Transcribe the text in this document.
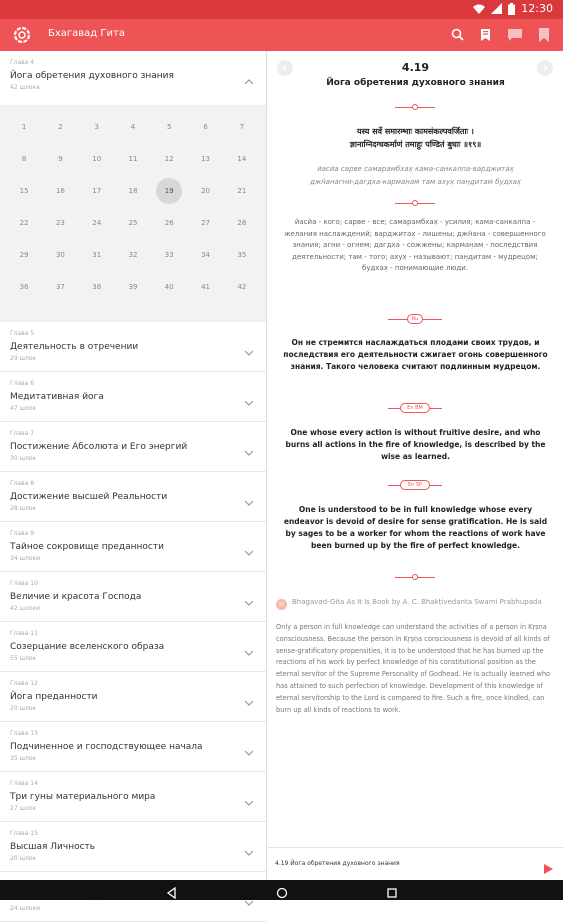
12:30
Бхагавад Гита
Глава 4
Йога обретения духовного знания
42 шлока
1	2	3	4	5	6	7
8	9	10	11	12	13	14
15	16	17	18	19	20	21
22	23	24	25	26	27	28
29	30	31	32	33	34	35
36	37	38	39	40	41	42
Глава 5
Деятельность в отречении
29 шлок
Глава 6
Медитативная йога
47 шлок
Глава 7
Постижение Абсолюта и Его энергий
30 шлок
Глава 8
Достижение высшей Реальности
28 шлок
Глава 9
Тайное сокровище преданности
34 шлоки
Глава 10
Величие и красота Господа
42 шлоки
Глава 11
Созерцание вселенского образа
55 шлок
Глава 12
Йога преданности
20 шлок
Глава 13
Подчиненное и господствующее начала
35 шлок
Глава 14
Три гуны материального мира
27 шлок
Глава 15
Высшая Личность
20 шлок
24 шлоки
4.19
Йога обретения духовного знания
यस्य सर्वे समारम्भाः कामसंकल्पवर्जिताः ।
ज्ञानाग्निदग्धकर्माणं तमाहुः पण्डितं बुधाः ॥१९॥
йасйа сарве самарамбхах̣ кама-санкалпа-варджитах̣
джн̃анагни-дагдха-карман̣ам̇ там ахух̣ пан̣д̣итам̇ будхах̣
йасйа - кого; сарве - все; самарамбхах̣ - усилия; кама-санкалпа - желания наслаждений; варджитах̣ - лишены; джн̃ана - совершенного знания; агни - огнем; дагдха - сожжены; карман̣ам - последствия деятельности; там - того; ахух̣ - называют; пан̣д̣итам - мудрецом; будхах̣ - понимающие люди.
Ru
Он не стремится наслаждаться плодами своих трудов, и последствия его деятельности сжигает огонь совершенного знания. Такого человека считают подлинным мудрецом.
En BM
One whose every action is without fruitive desire, and who burns all actions in the fire of knowledge, is described by the wise as learned.
En SP
One is understood to be in full knowledge whose every endeavor is devoid of desire for sense gratification. He is said by sages to be a worker for whom the reactions of work have been burned up by the fire of perfect knowledge.
SP	Bhagavad-Gita As It Is Book by A. C. Bhaktivedanta Swami Prabhupada
Only a person in full knowledge can understand the activities of a person in Kṛṣṇa consciousness. Because the person in Kṛṣṇa consciousness is devoid of all kinds of sense-gratificatory propensities, it is to be understood that he has burned up the reactions of his work by perfect knowledge of his constitutional position as the eternal servitor of the Supreme Personality of Godhead. He is actually learned who has attained to such perfection of knowledge. Development of this knowledge of eternal servitorship to the Lord is compared to fire. Such a fire, once kindled, can burn up all kinds of reactions to work.
4.19 Йога обретения духовного знания
